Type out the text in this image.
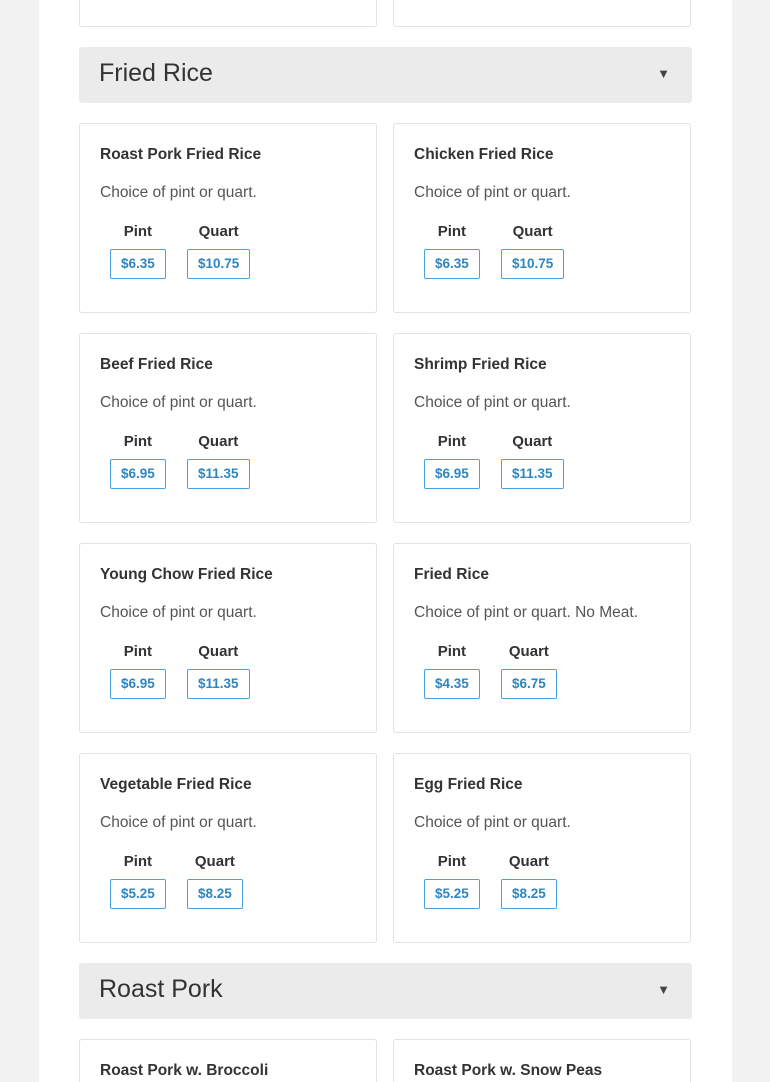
Fried Rice	▼
Roast Pork Fried Rice
Choice of pint or quart.
Pint
$6.35
Quart
$10.75
Chicken Fried Rice
Choice of pint or quart.
Pint
$6.35
Quart
$10.75
Beef Fried Rice
Choice of pint or quart.
Pint
$6.95
Quart
$11.35
Shrimp Fried Rice
Choice of pint or quart.
Pint
$6.95
Quart
$11.35
Young Chow Fried Rice
Choice of pint or quart.
Pint
$6.95
Quart
$11.35
Fried Rice
Choice of pint or quart. No Meat.
Pint
$4.35
Quart
$6.75
Vegetable Fried Rice
Choice of pint or quart.
Pint
$5.25
Quart
$8.25
Egg Fried Rice
Choice of pint or quart.
Pint
$5.25
Quart
$8.25
Roast Pork	▼
Roast Pork w. Broccoli	Roast Pork w. Snow Peas
